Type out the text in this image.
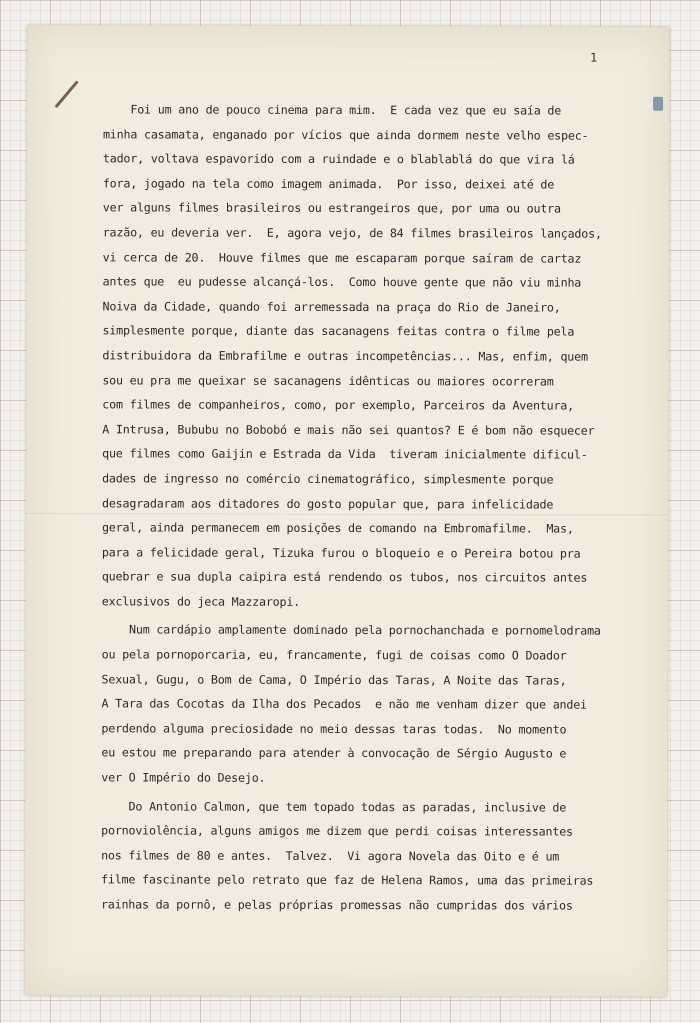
1
Foi um ano de pouco cinema para mim.  E cada vez que eu saía de
minha casamata, enganado por vícios que ainda dormem neste velho espec-
tador, voltava espavorido com a ruindade e o blablablá do que vira lá
fora, jogado na tela como imagem animada.  Por isso, deixei até de
ver alguns filmes brasileiros ou estrangeiros que, por uma ou outra
razão, eu deveria ver.  E, agora vejo, de 84 filmes brasileiros lançados,
vi cerca de 20.  Houve filmes que me escaparam porque saíram de cartaz
antes que  eu pudesse alcançá-los.  Como houve gente que não viu minha
Noiva da Cidade, quando foi arremessada na praça do Rio de Janeiro,
simplesmente porque, diante das sacanagens feitas contra o filme pela
distribuidora da Embrafilme e outras incompetências... Mas, enfim, quem
sou eu pra me queixar se sacanagens idênticas ou maiores ocorreram
com filmes de companheiros, como, por exemplo, Parceiros da Aventura,
A Intrusa, Bububu no Bobobó e mais não sei quantos? E é bom não esquecer
que filmes como Gaijin e Estrada da Vida  tiveram inicialmente dificul-
dades de ingresso no comércio cinematográfico, simplesmente porque
desagradaram aos ditadores do gosto popular que, para infelicidade
geral, ainda permanecem em posições de comando na Embromafilme.  Mas,
para a felicidade geral, Tizuka furou o bloqueio e o Pereira botou pra
quebrar e sua dupla caipira está rendendo os tubos, nos circuitos antes
exclusivos do jeca Mazzaropi.
Num cardápio amplamente dominado pela pornochanchada e pornomelodrama
ou pela pornoporcaria, eu, francamente, fugi de coisas como O Doador
Sexual, Gugu, o Bom de Cama, O Império das Taras, A Noite das Taras,
A Tara das Cocotas da Ilha dos Pecados  e não me venham dizer que andei
perdendo alguma preciosidade no meio dessas taras todas.  No momento
eu estou me preparando para atender à convocação de Sérgio Augusto e
ver O Império do Desejo.
Do Antonio Calmon, que tem topado todas as paradas, inclusive de
pornoviolência, alguns amigos me dizem que perdi coisas interessantes
nos filmes de 80 e antes.  Talvez.  Vi agora Novela das Oito e é um
filme fascinante pelo retrato que faz de Helena Ramos, uma das primeiras
rainhas da pornô, e pelas próprias promessas não cumpridas dos vários
